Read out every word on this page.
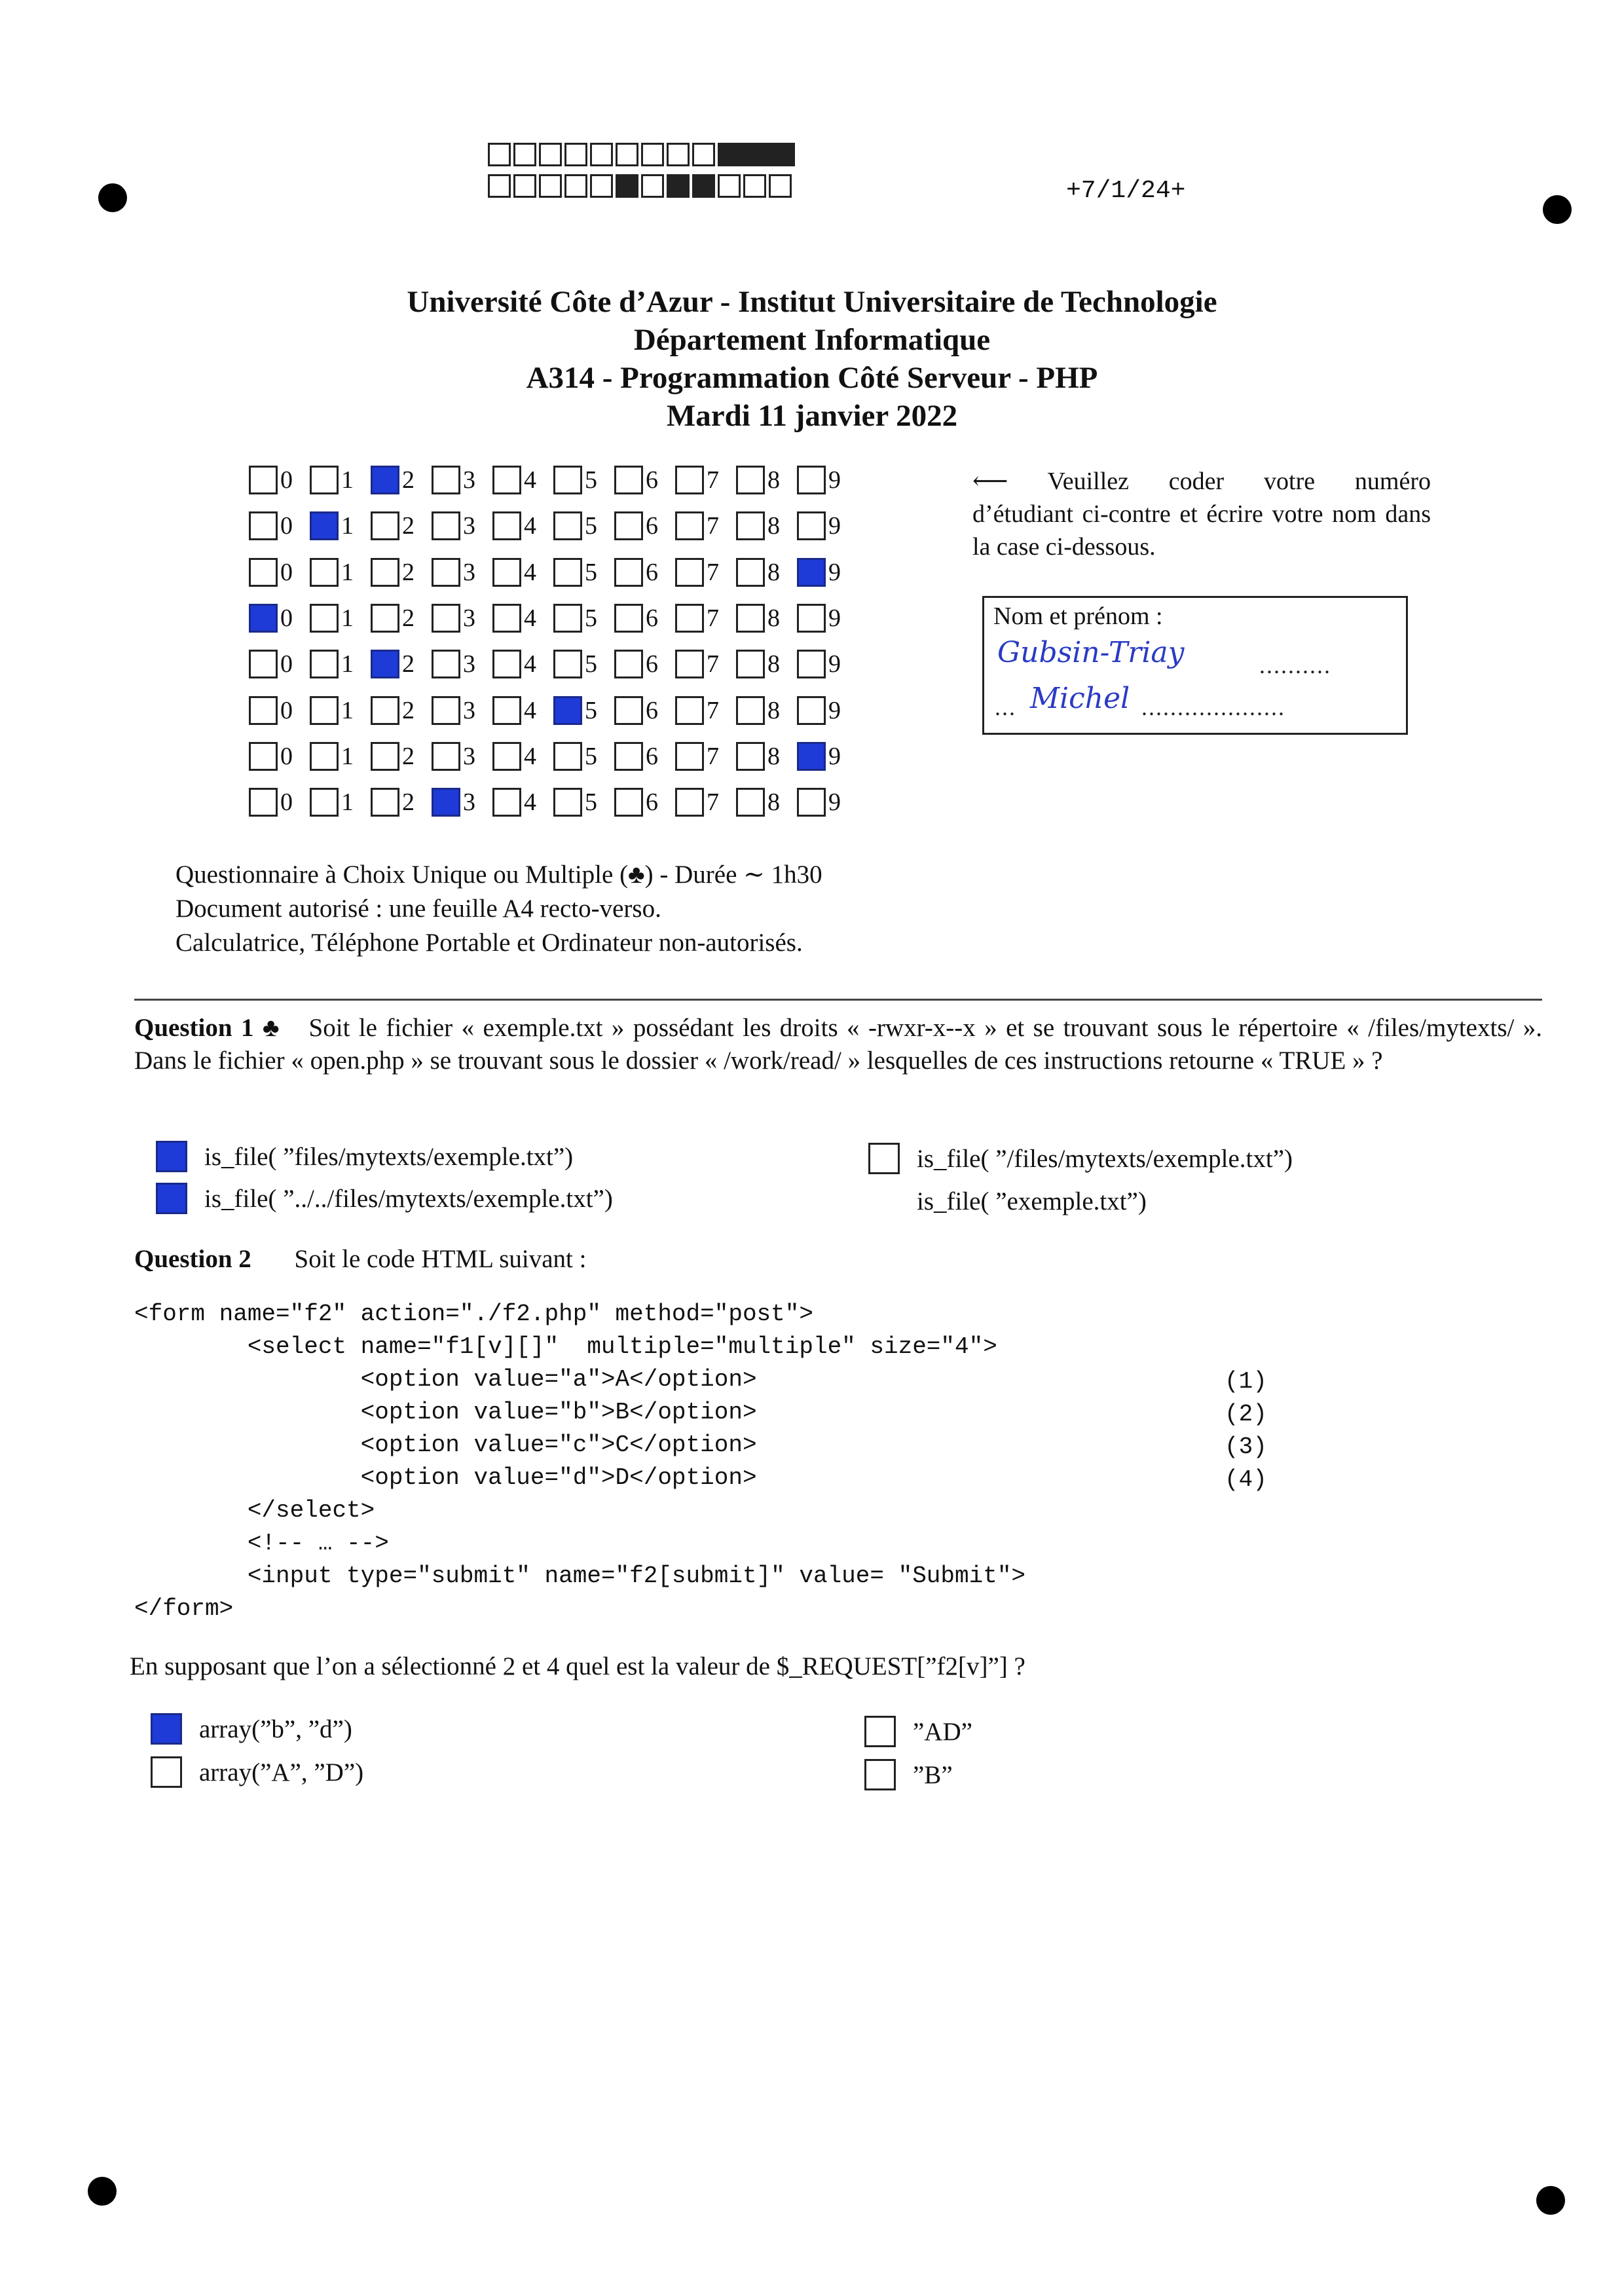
+7/1/24+
Université Côte d’Azur - Institut Universitaire de Technologie
Département Informatique
A314 - Programmation Côté Serveur - PHP
Mardi 11 janvier 2022
0 1 2 3 4 5 6 7 8 9
0 1 2 3 4 5 6 7 8 9
0 1 2 3 4 5 6 7 8 9
0 1 2 3 4 5 6 7 8 9
0 1 2 3 4 5 6 7 8 9
0 1 2 3 4 5 6 7 8 9
0 1 2 3 4 5 6 7 8 9
0 1 2 3 4 5 6 7 8 9
⟵ Veuillez coder votre numéro d’étudiant ci-contre et écrire votre nom dans la case ci-dessous.
Nom et prénom :
Gubsin-Triay	..........
... Michel ....................
Questionnaire à Choix Unique ou Multiple (♣) - Durée ∼ 1h30
Document autorisé : une feuille A4 recto-verso.
Calculatrice, Téléphone Portable et Ordinateur non-autorisés.
Question 1 ♣ Soit le fichier « exemple.txt » possédant les droits « -rwxr-x--x » et se trouvant sous le répertoire « /files/mytexts/ ». Dans le fichier « open.php » se trouvant sous le dossier « /work/read/ » lesquelles de ces instructions retourne « TRUE » ?
is_file( ”files/mytexts/exemple.txt”)
is_file( ”../../files/mytexts/exemple.txt”)
is_file( ”/files/mytexts/exemple.txt”)
is_file( ”exemple.txt”)
Question 2 Soit le code HTML suivant :
<form name="f2" action="./f2.php" method="post">
<select name="f1[v][]"  multiple="multiple" size="4">
<option value="a">A</option>
<option value="b">B</option>
<option value="c">C</option>
<option value="d">D</option>
</select>
<!-- … -->
<input type="submit" name="f2[submit]" value= "Submit">
</form>
(1)
(2)
(3)
(4)
En supposant que l’on a sélectionné 2 et 4 quel est la valeur de $_REQUEST[”f2[v]”] ?
array(”b”, ”d”)
array(”A”, ”D”)
”AD”
”B”
